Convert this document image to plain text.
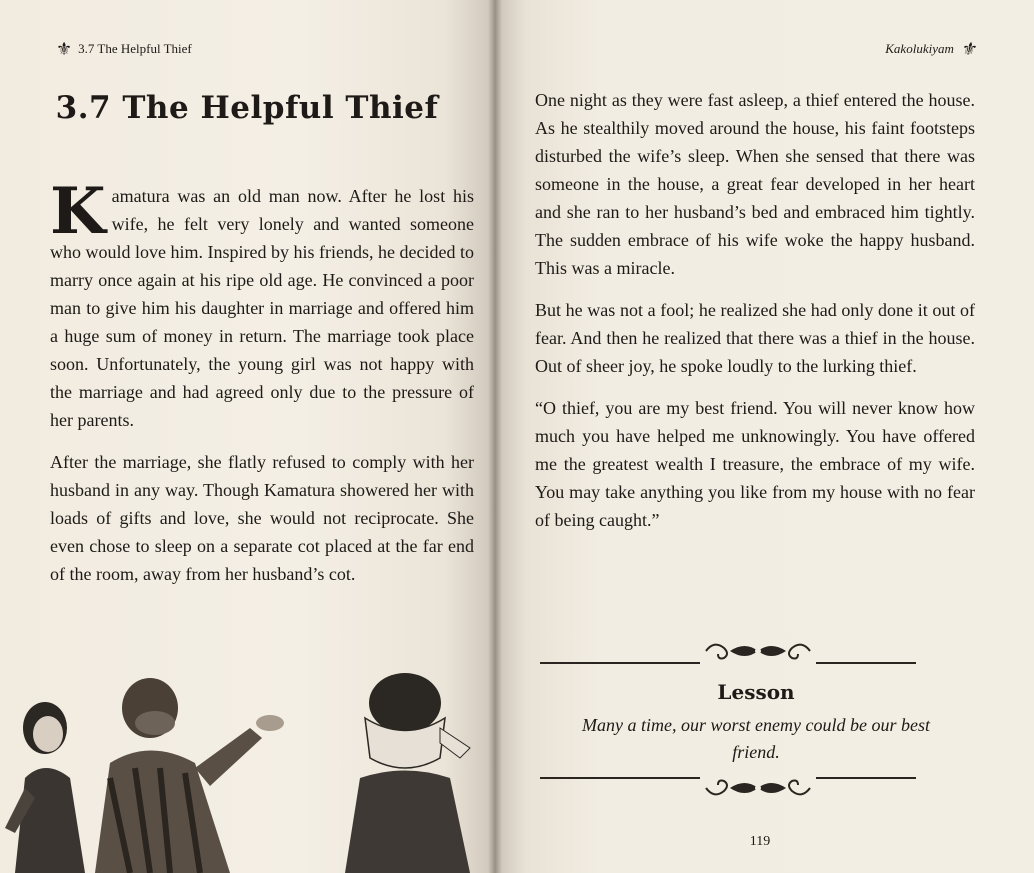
⚜ 3.7 The Helpful Thief
3.7 The Helpful Thief

K amatura was an old man now. After he lost his wife, he felt very lonely and wanted someone who would love him. Inspired by his friends, he decided to marry once again at his ripe old age. He convinced a poor man to give him his daughter in marriage and offered him a huge sum of money in return. The marriage took place soon. Unfortunately, the young girl was not happy with the marriage and had agreed only due to the pressure of her parents.

After the marriage, she flatly refused to comply with her husband in any way. Though Kamatura showered her with loads of gifts and love, she would not reciprocate. She even chose to sleep on a separate cot placed at the far end of the room, away from her husband’s cot.

Kakolukiyam ⚜

One night as they were fast asleep, a thief entered the house. As he stealthily moved around the house, his faint footsteps disturbed the wife’s sleep. When she sensed that there was someone in the house, a great fear developed in her heart and she ran to her husband’s bed and embraced him tightly. The sudden embrace of his wife woke the happy husband. This was a miracle.

But he was not a fool; he realized she had only done it out of fear. And then he realized that there was a thief in the house. Out of sheer joy, he spoke loudly to the lurking thief.

“O thief, you are my best friend. You will never know how much you have helped me unknowingly. You have offered me the greatest wealth I treasure, the embrace of my wife. You may take anything you like from my house with no fear of being caught.”

Lesson
Many a time, our worst enemy could be our best friend.
119
